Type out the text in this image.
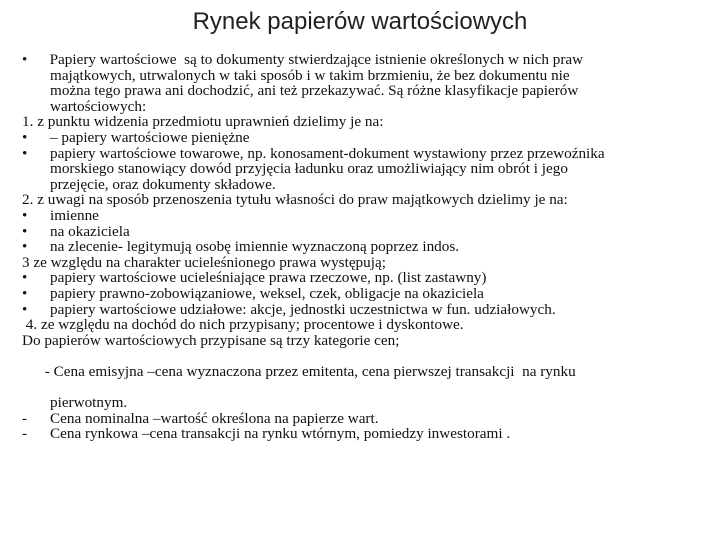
Rynek papierów wartościowych
• Papiery wartościowe  są to dokumenty stwierdzające istnienie określonych w nich praw
majątkowych, utrwalonych w taki sposób i w takim brzmieniu, że bez dokumentu nie
można tego prawa ani dochodzić, ani też przekazywać. Są różne klasyfikacje papierów
wartościowych:
1. z punktu widzenia przedmiotu uprawnień dzielimy je na:
• – papiery wartościowe pieniężne
• papiery wartościowe towarowe, np. konosament-dokument wystawiony przez przewoźnika
morskiego stanowiący dowód przyjęcia ładunku oraz umożliwiający nim obrót i jego
przejęcie, oraz dokumenty składowe.
2. z uwagi na sposób przenoszenia tytułu własności do praw majątkowych dzielimy je na:
• imienne
• na okaziciela
• na zlecenie- legitymują osobę imiennie wyznaczoną poprzez indos.
3 ze względu na charakter ucieleśnionego prawa występują;
• papiery wartościowe ucieleśniające prawa rzeczowe, np. (list zastawny)
• papiery prawno-zobowiązaniowe, weksel, czek, obligacje na okaziciela
• papiery wartościowe udziałowe: akcje, jednostki uczestnictwa w fun. udziałowych.
4. ze względu na dochód do nich przypisany; procentowe i dyskontowe.
Do papierów wartościowych przypisane są trzy kategorie cen;

- Cena emisyjna –cena wyznaczona przez emitenta, cena pierwszej transakcji  na rynku

pierwotnym.
- Cena nominalna –wartość określona na papierze wart.
- Cena rynkowa –cena transakcji na rynku wtórnym, pomiedzy inwestorami .
